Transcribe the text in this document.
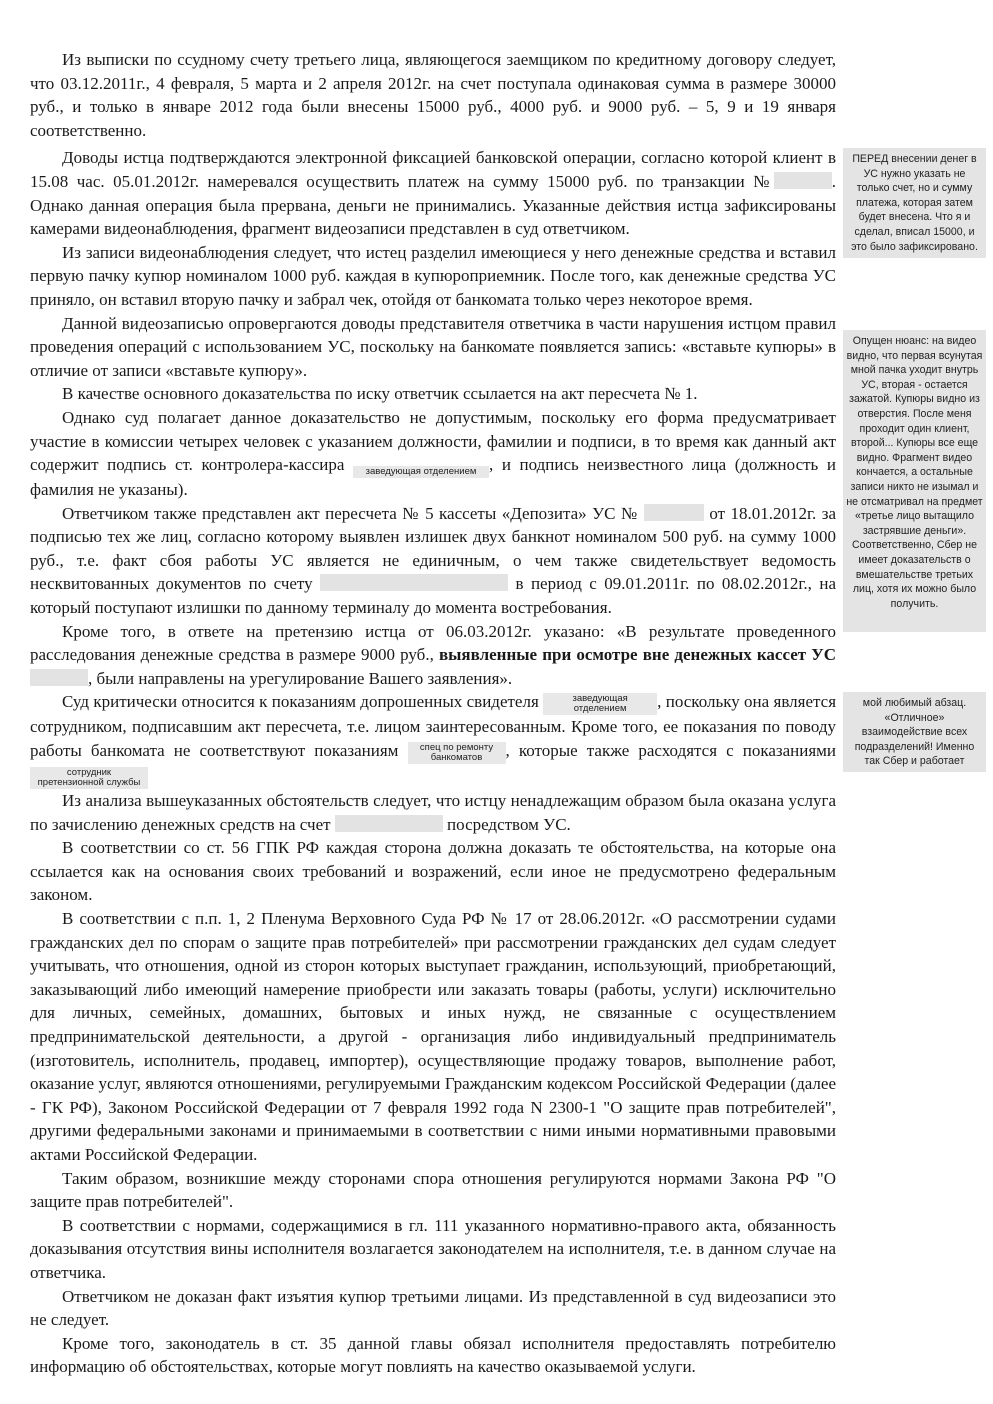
Из выписки по ссудному счету третьего лица, являющегося заемщиком по кредитному договору следует, что 03.12.2011г., 4 февраля, 5 марта и 2 апреля 2012г. на счет поступала одинаковая сумма в размере 30000 руб., и только в январе 2012 года были внесены 15000 руб., 4000 руб. и 9000 руб. – 5, 9 и 19 января соответственно.

Доводы истца подтверждаются электронной фиксацией банковской операции, согласно которой клиент в 15.08 час. 05.01.2012г. намеревался осуществить платеж на сумму 15000 руб. по транзакции №	. Однако данная операция была прервана, деньги не принимались. Указанные действия истца зафиксированы камерами видеонаблюдения, фрагмент видеозаписи представлен в суд ответчиком.

Из записи видеонаблюдения следует, что истец разделил имеющиеся у него денежные средства и вставил первую пачку купюр номиналом 1000 руб. каждая в купюроприемник. После того, как денежные средства УС приняло, он вставил вторую пачку и забрал чек, отойдя от банкомата только через некоторое время.

Данной видеозаписью опровергаются доводы представителя ответчика в части нарушения истцом правил проведения операций с использованием УС, поскольку на банкомате появляется запись: «вставьте купюры» в отличие от записи «вставьте купюру».

В качестве основного доказательства по иску ответчик ссылается на акт пересчета № 1.

Однако суд полагает данное доказательство не допустимым, поскольку его форма предусматривает участие в комиссии четырех человек с указанием должности, фамилии и подписи, в то время как данный акт содержит подпись ст. контролера-кассира заведующая отделением , и подпись неизвестного лица (должность и фамилия не указаны).

Ответчиком также представлен акт пересчета № 5 кассеты «Депозита» УС №	от 18.01.2012г. за подписью тех же лиц, согласно которому выявлен излишек двух банкнот номиналом 500 руб. на сумму 1000 руб., т.е. факт сбоя работы УС является не единичным, о чем также свидетельствует ведомость несквитованных документов по счету	в период с 09.01.2011г. по 08.02.2012г., на который поступают излишки по данному терминалу до момента востребования.

Кроме того, в ответе на претензию истца от 06.03.2012г. указано: «В результате проведенного расследования денежные средства в размере 9000 руб., выявленные при осмотре вне денежных кассет УС , были направлены на урегулирование Вашего заявления».

Суд критически относится к показаниям допрошенных свидетеля	заведующая отделением , поскольку она является сотрудником, подписавшим акт пересчета, т.е. лицом заинтересованным. Кроме того, ее показания по поводу работы банкомата не соответствуют показаниям спец по ремонту банкоматов , которые также расходятся с показаниями сотрудник претензионной службы

Из анализа вышеуказанных обстоятельств следует, что истцу ненадлежащим образом была оказана услуга по зачислению денежных средств на счет	посредством УС.

В соответствии со ст. 56 ГПК РФ каждая сторона должна доказать те обстоятельства, на которые она ссылается как на основания своих требований и возражений, если иное не предусмотрено федеральным законом.

В соответствии с п.п. 1, 2 Пленума Верховного Суда РФ № 17 от 28.06.2012г. «О рассмотрении судами гражданских дел по спорам о защите прав потребителей» при рассмотрении гражданских дел судам следует учитывать, что отношения, одной из сторон которых выступает гражданин, использующий, приобретающий, заказывающий либо имеющий намерение приобрести или заказать товары (работы, услуги) исключительно для личных, семейных, домашних, бытовых и иных нужд, не связанные с осуществлением предпринимательской деятельности, а другой - организация либо индивидуальный предприниматель (изготовитель, исполнитель, продавец, импортер), осуществляющие продажу товаров, выполнение работ, оказание услуг, являются отношениями, регулируемыми Гражданским кодексом Российской Федерации (далее - ГК РФ), Законом Российской Федерации от 7 февраля 1992 года N 2300-1 "О защите прав потребителей", другими федеральными законами и принимаемыми в соответствии с ними иными нормативными правовыми актами Российской Федерации.

Таким образом, возникшие между сторонами спора отношения регулируются нормами Закона РФ "О защите прав потребителей".

В соответствии с нормами, содержащимися в гл. 111 указанного нормативно-правого акта, обязанность доказывания отсутствия вины исполнителя возлагается законодателем на исполнителя, т.е. в данном случае на ответчика.

Ответчиком не доказан факт изъятия купюр третьими лицами. Из представленной в суд видеозаписи это не следует.

Кроме того, законодатель в ст. 35 данной главы обязал исполнителя предоставлять потребителю информацию об обстоятельствах, которые могут повлиять на качество оказываемой услуги.

ПЕРЕД внесении денег в УС нужно указать не только счет, но и сумму платежа, которая затем будет внесена. Что я и сделал, вписал 15000, и это было зафиксировано.
Опущен нюанс: на видео видно, что первая всунутая мной пачка уходит внутрь УС, вторая - остается зажатой. Купюры видно из отверстия. После меня проходит один клиент, второй... Купюры все еще видно. Фрагмент видео кончается, а остальные записи никто не изымал и не отсматривал на предмет «третье лицо вытащило застрявшие деньги». Соответственно, Сбер не имеет доказательств о вмешательстве третьих лиц, хотя их можно было получить.
мой любимый абзац. «Отличное» взаимодействие всех подразделений! Именно так Сбер и работает
